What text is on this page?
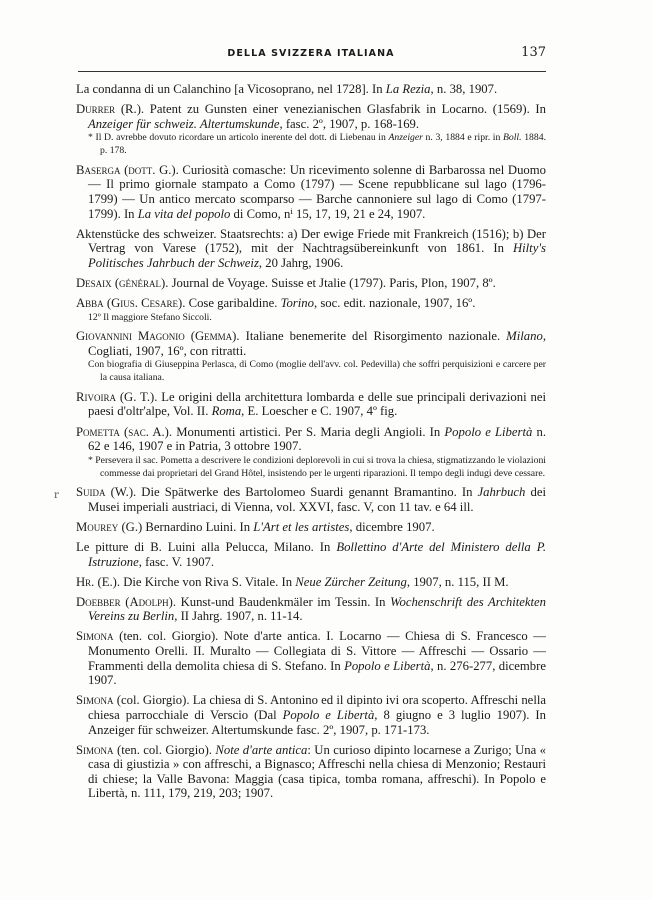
DELLA SVIZZERA ITALIANA	137
r
La condanna di un Calanchino [a Vicosoprano, nel 1728]. In La Rezia, n. 38, 1907.
Durrer (R.). Patent zu Gunsten einer venezianischen Glasfabrik in Locarno. (1569). In Anzeiger für schweiz. Altertumskunde, fasc. 2º, 1907, p. 168-169.
* Il D. avrebbe dovuto ricordare un articolo inerente del dott. di Liebenau in Anzeiger n. 3, 1884 e ripr. in Boll. 1884. p. 178.
Baserga (dott. G.). Curiosità comasche: Un ricevimento solenne di Barbarossa nel Duomo — Il primo giornale stampato a Como (1797) — Scene repubblicane sul lago (1796-1799) — Un antico mercato scomparso — Barche cannoniere sul lago di Como (1797-1799). In La vita del popolo di Como, nⁱ 15, 17, 19, 21 e 24, 1907.
Aktenstücke des schweizer. Staatsrechts: a) Der ewige Friede mit Frankreich (1516); b) Der Vertrag von Varese (1752), mit der Nachtragsübereinkunft von 1861. In Hilty's Politisches Jahrbuch der Schweiz, 20 Jahrg, 1906.
Desaix (général). Journal de Voyage. Suisse et Jtalie (1797). Paris, Plon, 1907, 8º.
Abba (Gius. Cesare). Cose garibaldine. Torino, soc. edit. nazionale, 1907, 16º.
12º Il maggiore Stefano Siccoli.
Giovannini Magonio (Gemma). Italiane benemerite del Risorgimento nazionale. Milano, Cogliati, 1907, 16º, con ritratti.
Con biografia di Giuseppina Perlasca, di Como (moglie dell'avv. col. Pedevilla) che soffri perquisizioni e carcere per la causa italiana.
Rivoira (G. T.). Le origini della architettura lombarda e delle sue principali derivazioni nei paesi d'oltr'alpe, Vol. II. Roma, E. Loescher e C. 1907, 4º fig.
Pometta (sac. A.). Monumenti artistici. Per S. Maria degli Angioli. In Popolo e Libertà n. 62 e 146, 1907 e in Patria, 3 ottobre 1907.
* Persevera il sac. Pometta a descrivere le condizioni deplorevoli in cui si trova la chiesa, stigmatizzando le violazioni commesse dai proprietari del Grand Hôtel, insistendo per le urgenti riparazioni. Il tempo degli indugi deve cessare.
Suida (W.). Die Spätwerke des Bartolomeo Suardi genannt Bramantino. In Jahrbuch dei Musei imperiali austriaci, di Vienna, vol. XXVI, fasc. V, con 11 tav. e 64 ill.
Mourey (G.) Bernardino Luini. In L'Art et les artistes, dicembre 1907.
Le pitture di B. Luini alla Pelucca, Milano. In Bollettino d'Arte del Ministero della P. Istruzione, fasc. V. 1907.
Hr. (E.). Die Kirche von Riva S. Vitale. In Neue Zürcher Zeitung, 1907, n. 115, II M.
Doebber (Adolph). Kunst-und Baudenkmäler im Tessin. In Wochenschrift des Architekten Vereins zu Berlin, II Jahrg. 1907, n. 11-14.
Simona (ten. col. Giorgio). Note d'arte antica. I. Locarno — Chiesa di S. Francesco — Monumento Orelli. II. Muralto — Collegiata di S. Vittore — Affreschi — Ossario — Frammenti della demolita chiesa di S. Stefano. In Popolo e Libertà, n. 276-277, dicembre 1907.
Simona (col. Giorgio). La chiesa di S. Antonino ed il dipinto ivi ora scoperto. Affreschi nella chiesa parrocchiale di Verscio (Dal Popolo e Libertà, 8 giugno e 3 luglio 1907). In Anzeiger für schweizer. Altertumskunde fasc. 2º, 1907, p. 171-173.
Simona (ten. col. Giorgio). Note d'arte antica: Un curioso dipinto locarnese a Zurigo; Una « casa di giustizia » con affreschi, a Bignasco; Affreschi nella chiesa di Menzonio; Restauri di chiese; la Valle Bavona: Maggia (casa tipica, tomba romana, affreschi). In Popolo e Libertà, n. 111, 179, 219, 203; 1907.
